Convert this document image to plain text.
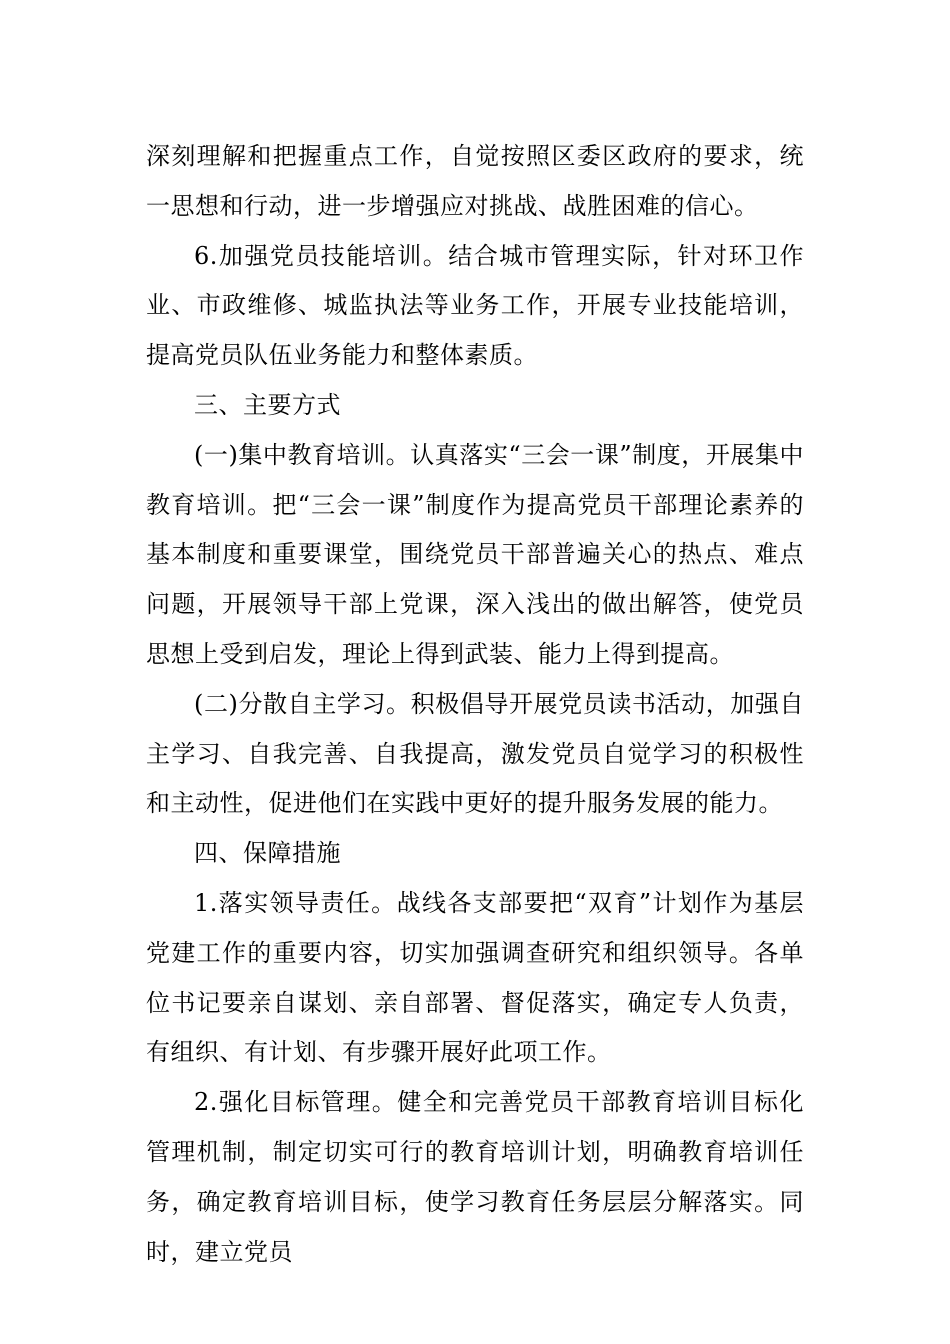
深刻理解和把握重点工作，自觉按照区委区政府的要求，统一思想和行动，进一步增强应对挑战、战胜困难的信心。

6.加强党员技能培训。结合城市管理实际，针对环卫作业、市政维修、城监执法等业务工作，开展专业技能培训，提高党员队伍业务能力和整体素质。

三、主要方式

(一)集中教育培训。认真落实“三会一课”制度，开展集中教育培训。把“三会一课”制度作为提高党员干部理论素养的基本制度和重要课堂，围绕党员干部普遍关心的热点、难点问题，开展领导干部上党课，深入浅出的做出解答，使党员思想上受到启发，理论上得到武装、能力上得到提高。

(二)分散自主学习。积极倡导开展党员读书活动，加强自主学习、自我完善、自我提高，激发党员自觉学习的积极性和主动性，促进他们在实践中更好的提升服务发展的能力。

四、保障措施

1.落实领导责任。战线各支部要把“双育”计划作为基层党建工作的重要内容，切实加强调查研究和组织领导。各单位书记要亲自谋划、亲自部署、督促落实，确定专人负责，有组织、有计划、有步骤开展好此项工作。

2.强化目标管理。健全和完善党员干部教育培训目标化管理机制，制定切实可行的教育培训计划，明确教育培训任务，确定教育培训目标，使学习教育任务层层分解落实。同时，建立党员
